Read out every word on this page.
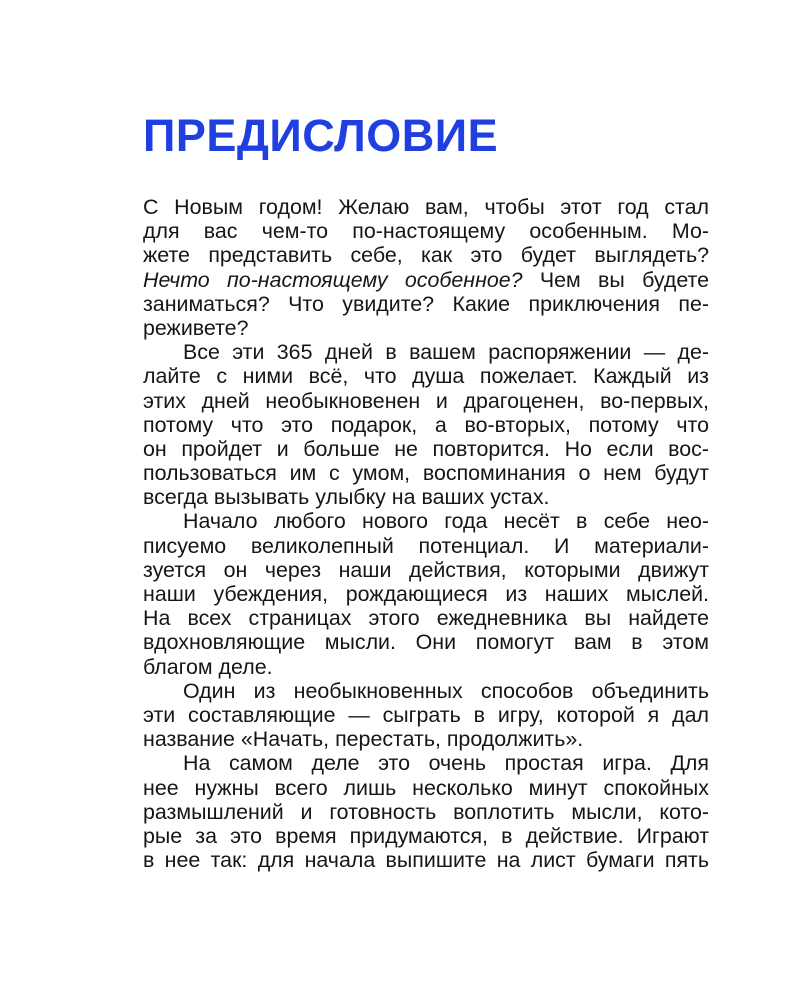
ПРЕДИСЛОВИЕ
С Новым годом! Желаю вам, чтобы этот год стал
для вас чем-то по-настоящему особенным. Мо-
жете представить себе, как это будет выглядеть?
Нечто по-настоящему особенное? Чем вы будете
заниматься? Что увидите? Какие приключения пе-
реживете?
Все эти 365 дней в вашем распоряжении — де-
лайте с ними всё, что душа пожелает. Каждый из
этих дней необыкновенен и драгоценен, во-первых,
потому что это подарок, а во-вторых, потому что
он пройдет и больше не повторится. Но если вос-
пользоваться им с умом, воспоминания о нем будут
всегда вызывать улыбку на ваших устах.
Начало любого нового года несёт в себе нео-
писуемо великолепный потенциал. И материали-
зуется он через наши действия, которыми движут
наши убеждения, рождающиеся из наших мыслей.
На всех страницах этого ежедневника вы найдете
вдохновляющие мысли. Они помогут вам в этом
благом деле.
Один из необыкновенных способов объединить
эти составляющие — сыграть в игру, которой я дал
название «Начать, перестать, продолжить».
На самом деле это очень простая игра. Для
нее нужны всего лишь несколько минут спокойных
размышлений и готовность воплотить мысли, кото-
рые за это время придумаются, в действие. Играют
в нее так: для начала выпишите на лист бумаги пять
